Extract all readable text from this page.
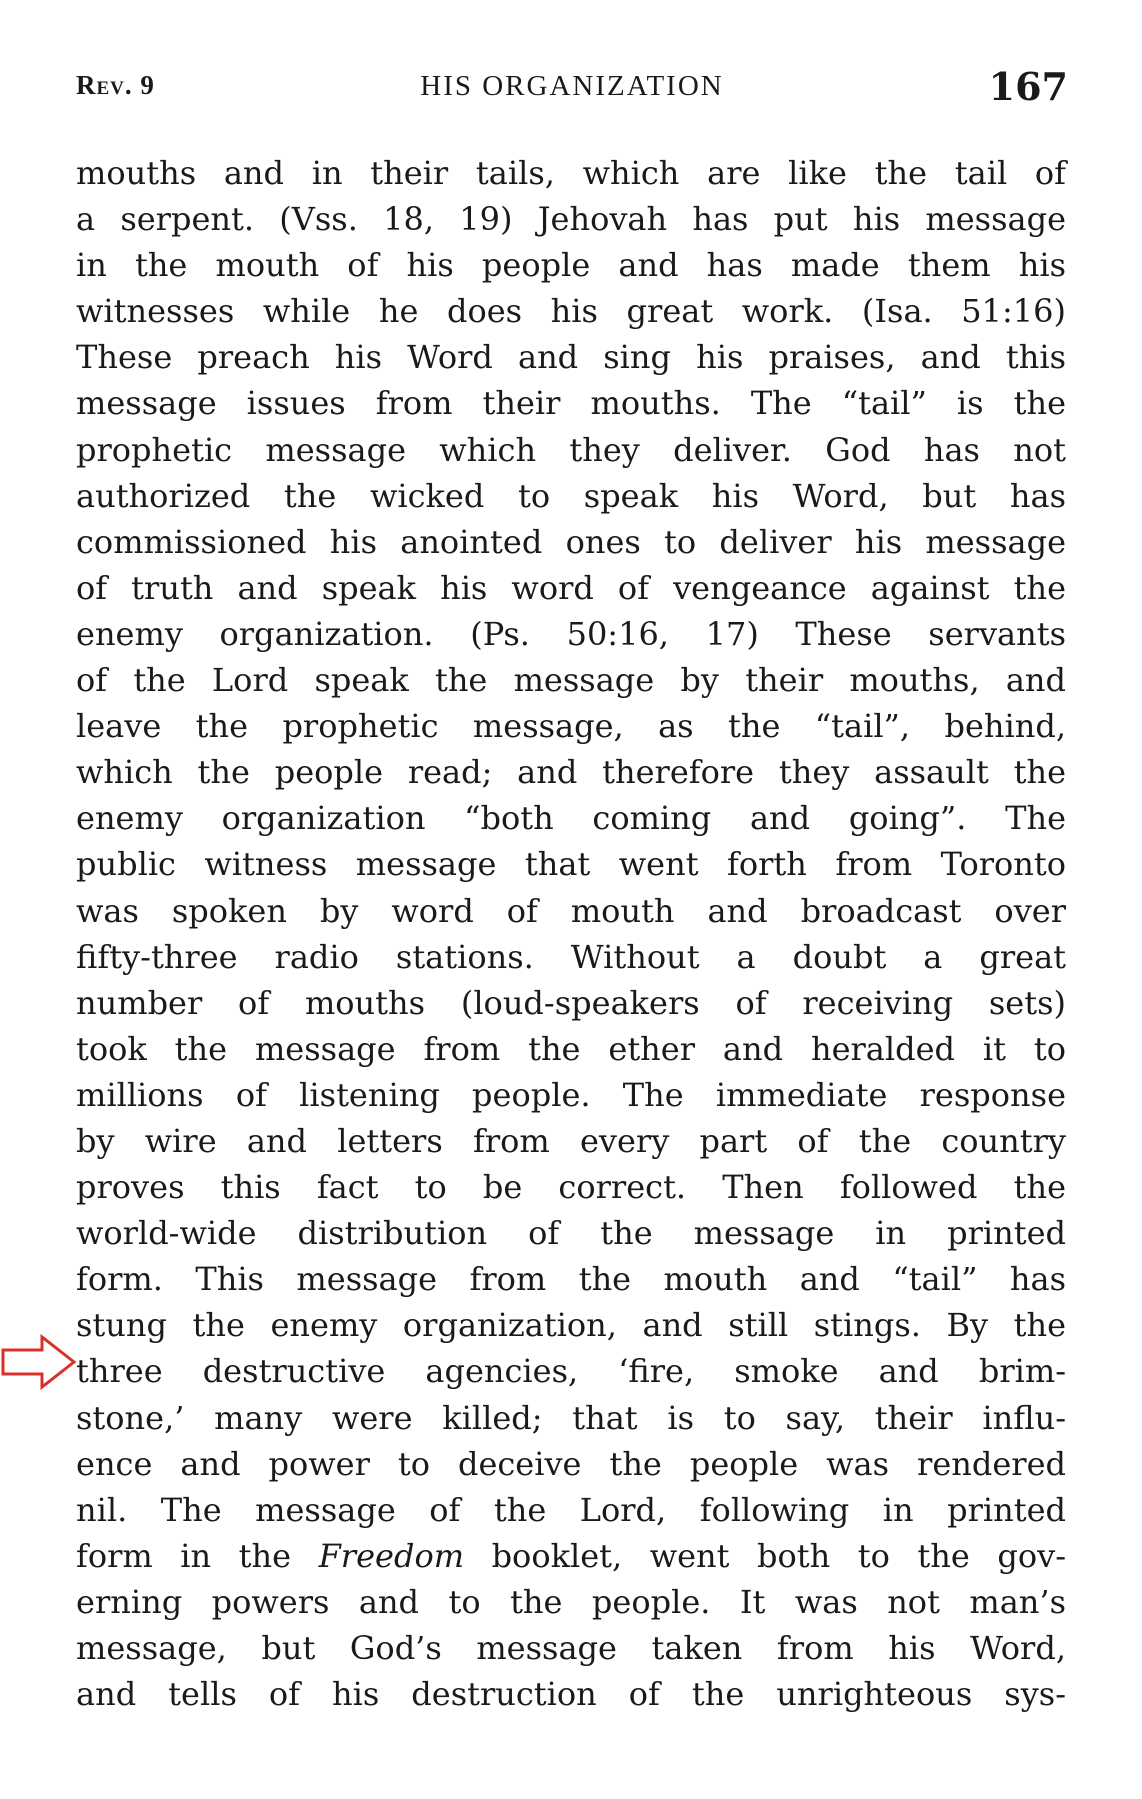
Rev. 9	HIS ORGANIZATION	167
mouths and in their tails, which are like the tail of
a serpent. (Vss. 18, 19) Jehovah has put his message
in the mouth of his people and has made them his
witnesses while he does his great work. (Isa. 51:16)
These preach his Word and sing his praises, and this
message issues from their mouths. The “tail” is the
prophetic message which they deliver. God has not
authorized the wicked to speak his Word, but has
commissioned his anointed ones to deliver his message
of truth and speak his word of vengeance against the
enemy organization. (Ps. 50:16, 17) These servants
of the Lord speak the message by their mouths, and
leave the prophetic message, as the “tail”, behind,
which the people read; and therefore they assault the
enemy organization “both coming and going”. The
public witness message that went forth from Toronto
was spoken by word of mouth and broadcast over
fifty-three radio stations. Without a doubt a great
number of mouths (loud-speakers of receiving sets)
took the message from the ether and heralded it to
millions of listening people. The immediate response
by wire and letters from every part of the country
proves this fact to be correct. Then followed the
world-wide distribution of the message in printed
form. This message from the mouth and “tail” has
stung the enemy organization, and still stings. By the
three destructive agencies, ‘fire, smoke and brim-
stone,’ many were killed; that is to say, their influ-
ence and power to deceive the people was rendered
nil. The message of the Lord, following in printed
form in the Freedom booklet, went both to the gov-
erning powers and to the people. It was not man’s
message, but God’s message taken from his Word,
and tells of his destruction of the unrighteous sys-
